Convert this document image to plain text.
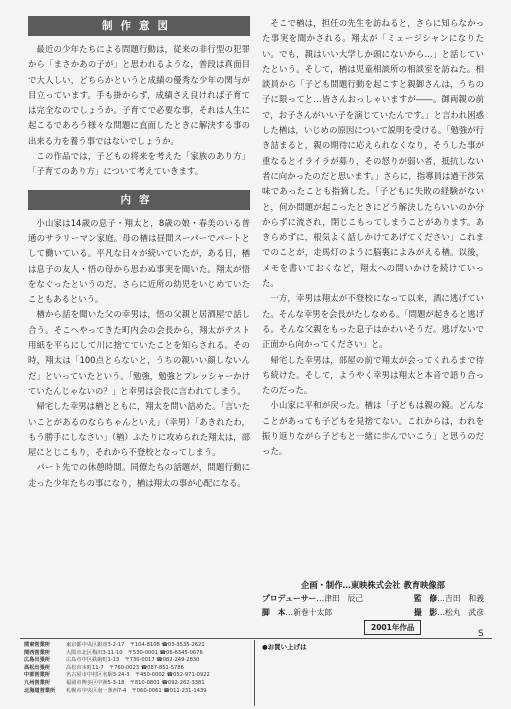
制作意図

最近の少年たちによる問題行動は，従来の非行型の犯罪から「まさかあの子が」と思われるような，普段は真面目で大人しい，どちらかというと成績の優秀な少年の関与が目立っています。手も掛からず，成績さえ良ければ子育ては完全なのでしょうか。子育てで必要な事，それは人生に起こるであろう様々な問題に直面したときに解決する事の出来る力を養う事ではないでしょうか。

この作品では，子どもの将来を考えた「家族のあり方」「子育てのあり方」について考えていきます。

内容

小山家は14歳の息子・翔太と，8歳の娘・春美のいる普通のサラリーマン家庭。母の楢は昼間スーパーでパートとして働いている。平凡な日々が続いていたが，ある日，楢は息子の友人・悟の母から思わぬ事実を聞いた。翔太が悟をなぐったというのだ。さらに近所の幼児をいじめていたこともあるという。

楢から話を聞いた父の幸男は，悟の父親と居酒屋で話し合う。そこへやってきた町内会の会長から，翔太がテスト用紙を平らにして川に捨てていたことを知らされる。その時，翔太は「100点とらないと，うちの親いい顔しないんだ」といっていたという。「勉強，勉強とプレッシャーかけていたんじゃないの？」と幸男は会長に言われてしまう。

帰宅した幸男は楢とともに，翔太を問い詰めた。「言いたいことがあるのならちゃんといえ」（幸男）「あきれたわ，もう勝手にしなさい」（楢）ふたりに攻められた翔太は，部屋にとじこもり，それから不登校となってしまう。

パート先での休憩時間。同僚たちの話題が，問題行動に走った少年たちの事になり，楢は翔太の事が心配になる。

そこで楢は，担任の先生を訪ねると，さらに知らなかった事実を聞かされる。翔太が「ミュージシャンになりたい。でも，親はいい大学しか頭にないから…」と話していたという。そして，楢は児童相談所の相談室を訪ねた。相談員から「子ども問題行動を起こすと親御さんは，うちの子に限ってと…皆さんおっしゃいますが――。御両親の前で，お子さんがいい子を演じていたんです。」と言われ困惑した楢は，いじめの原因について説明を受ける。「勉強が行き詰まると，親の期待に応えられなくなり，そうした事が重なるとイライラが募り，その怒りが弱い者，抵抗しない者に向かったのだと思います。」さらに，指導員は過干渉気味であったことも指摘した。「子どもに失敗の経験がないと，何か問題が起こったときにどう解決したらいいのか分からずに流され，閉じこもってしまうことがあります。あきらめずに，根気よく話しかけてあげてください」これまでのことが，走馬灯のように脳裏によみがえる楢。以後，メモを書いておくなど，翔太への問いかけを続けていった。

一方，幸男は翔太が不登校になって以来，酒に逃げていた。そんな幸男を会長がたしなめる。「問題が起きると逃げる。そんな父親をもった息子はかわいそうだ。逃げないで正面から向かってください」と。

帰宅した幸男は，部屋の前で翔太が会ってくれるまで待ち続けた。そして，ようやく幸男は翔太と本音で語り合ったのだった。

小山家に平和が戻った。楢は「子どもは親の鏡。どんなことがあっても子どもを見捨てない。これからは，われを振り返りながら子どもと一緒に歩んでいこう」と思うのだった。

企画・制作…東映株式会社 教育映像部
プロデューサー…津田　辰己	監　修…吉田　和義
脚　本…新巻十太郎	撮　影…松丸　武彦
2001年作品
S
関東営業所	東京都中央区銀座3-2-17　〒104-8108 ☎03-3535-2621
関西営業所	大阪市北区梅田3-11-10　〒530-0001 ☎06-6345-0676
広島出張所	広島市中区鉄砲町1-13　〒730-0017 ☎082-249-2830
高松出張所	高松市本町11-7　〒760-0023 ☎087-851-5786
中部営業所	名古屋市中村区名駅3-24-3　〒450-0002 ☎052-971-0922
九州営業所	福岡市博多区中洲5-3-18　〒810-0801 ☎092-262-3381
北海道営業所	札幌市中央区南一条西7-4　〒060-0061 ☎011-231-1439
●お買い上げは
